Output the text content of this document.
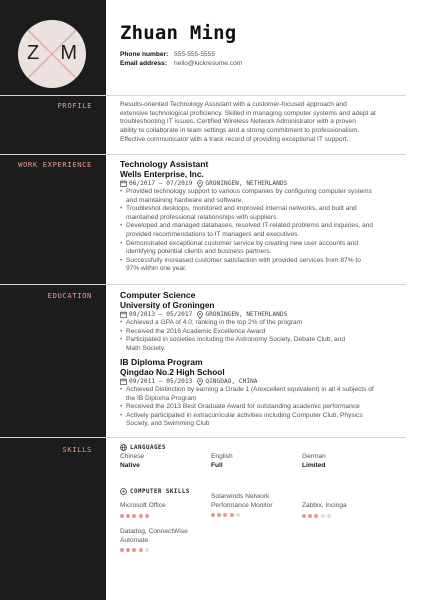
Z M
Zhuan Ming
Phone number: 555-555-5555
Email address: hello@kickresume.com
PROFILE
WORK EXPERIENCE
EDUCATION
SKILLS
Results-oriented Technology Assistant with a customer-focused approach and
extensive technological proficiency. Skilled in managing computer systems and adept at
troubleshooting IT issues. Certified Wireless Network Administrator with a proven
ability to collaborate in team settings and a strong commitment to professionalism.
Effective communicator with a track record of providing exceptional IT support.
Technology Assistant
Wells Enterprise, Inc.
06/2017 – 07/2019 GRONINGEN, NETHERLANDS
• Provided technology support to various companies by configuring computer systems
and maintaining hardware and software.
• Troubleshot desktops, monitored and improved internal networks, and built and
maintained professional relationships with suppliers.
• Developed and managed databases, resolved IT-related problems and inquiries, and
provided recommendations to IT managers and executives.
• Demonstrated exceptional customer service by creating new user accounts and
identifying potential clients and business partners.
• Successfully increased customer satisfaction with provided services from 87% to
97% within one year.
Computer Science
University of Groningen
09/2013 – 05/2017 GRONINGEN, NETHERLANDS
• Achieved a GPA of 4.0, ranking in the top 2% of the program
• Received the 2016 Academic Excellence Award
• Participated in societies including the Astronomy Society, Debate Club, and
Math Society.
IB Diploma Program
Qingdao No.2 High School
09/2011 – 05/2013 QINGDAO, CHINA
• Achieved Distinction by earning a Grade 1 (A/excellent equivalent) in all 4 subjects of
the IB Diploma Program
• Received the 2013 Best Graduate Award for outstanding academic performance
• Actively participated in extracurricular activities including Computer Club, Physics
Society, and Swimming Club
LANGUAGES
Chinese
Native
English
Full
German
Limited
COMPUTER SKILLS
Microsoft Office
Solarwinds Network
Performance Monitor	Zabbix, Incinga
Datadog, ConnectWise
Automate
